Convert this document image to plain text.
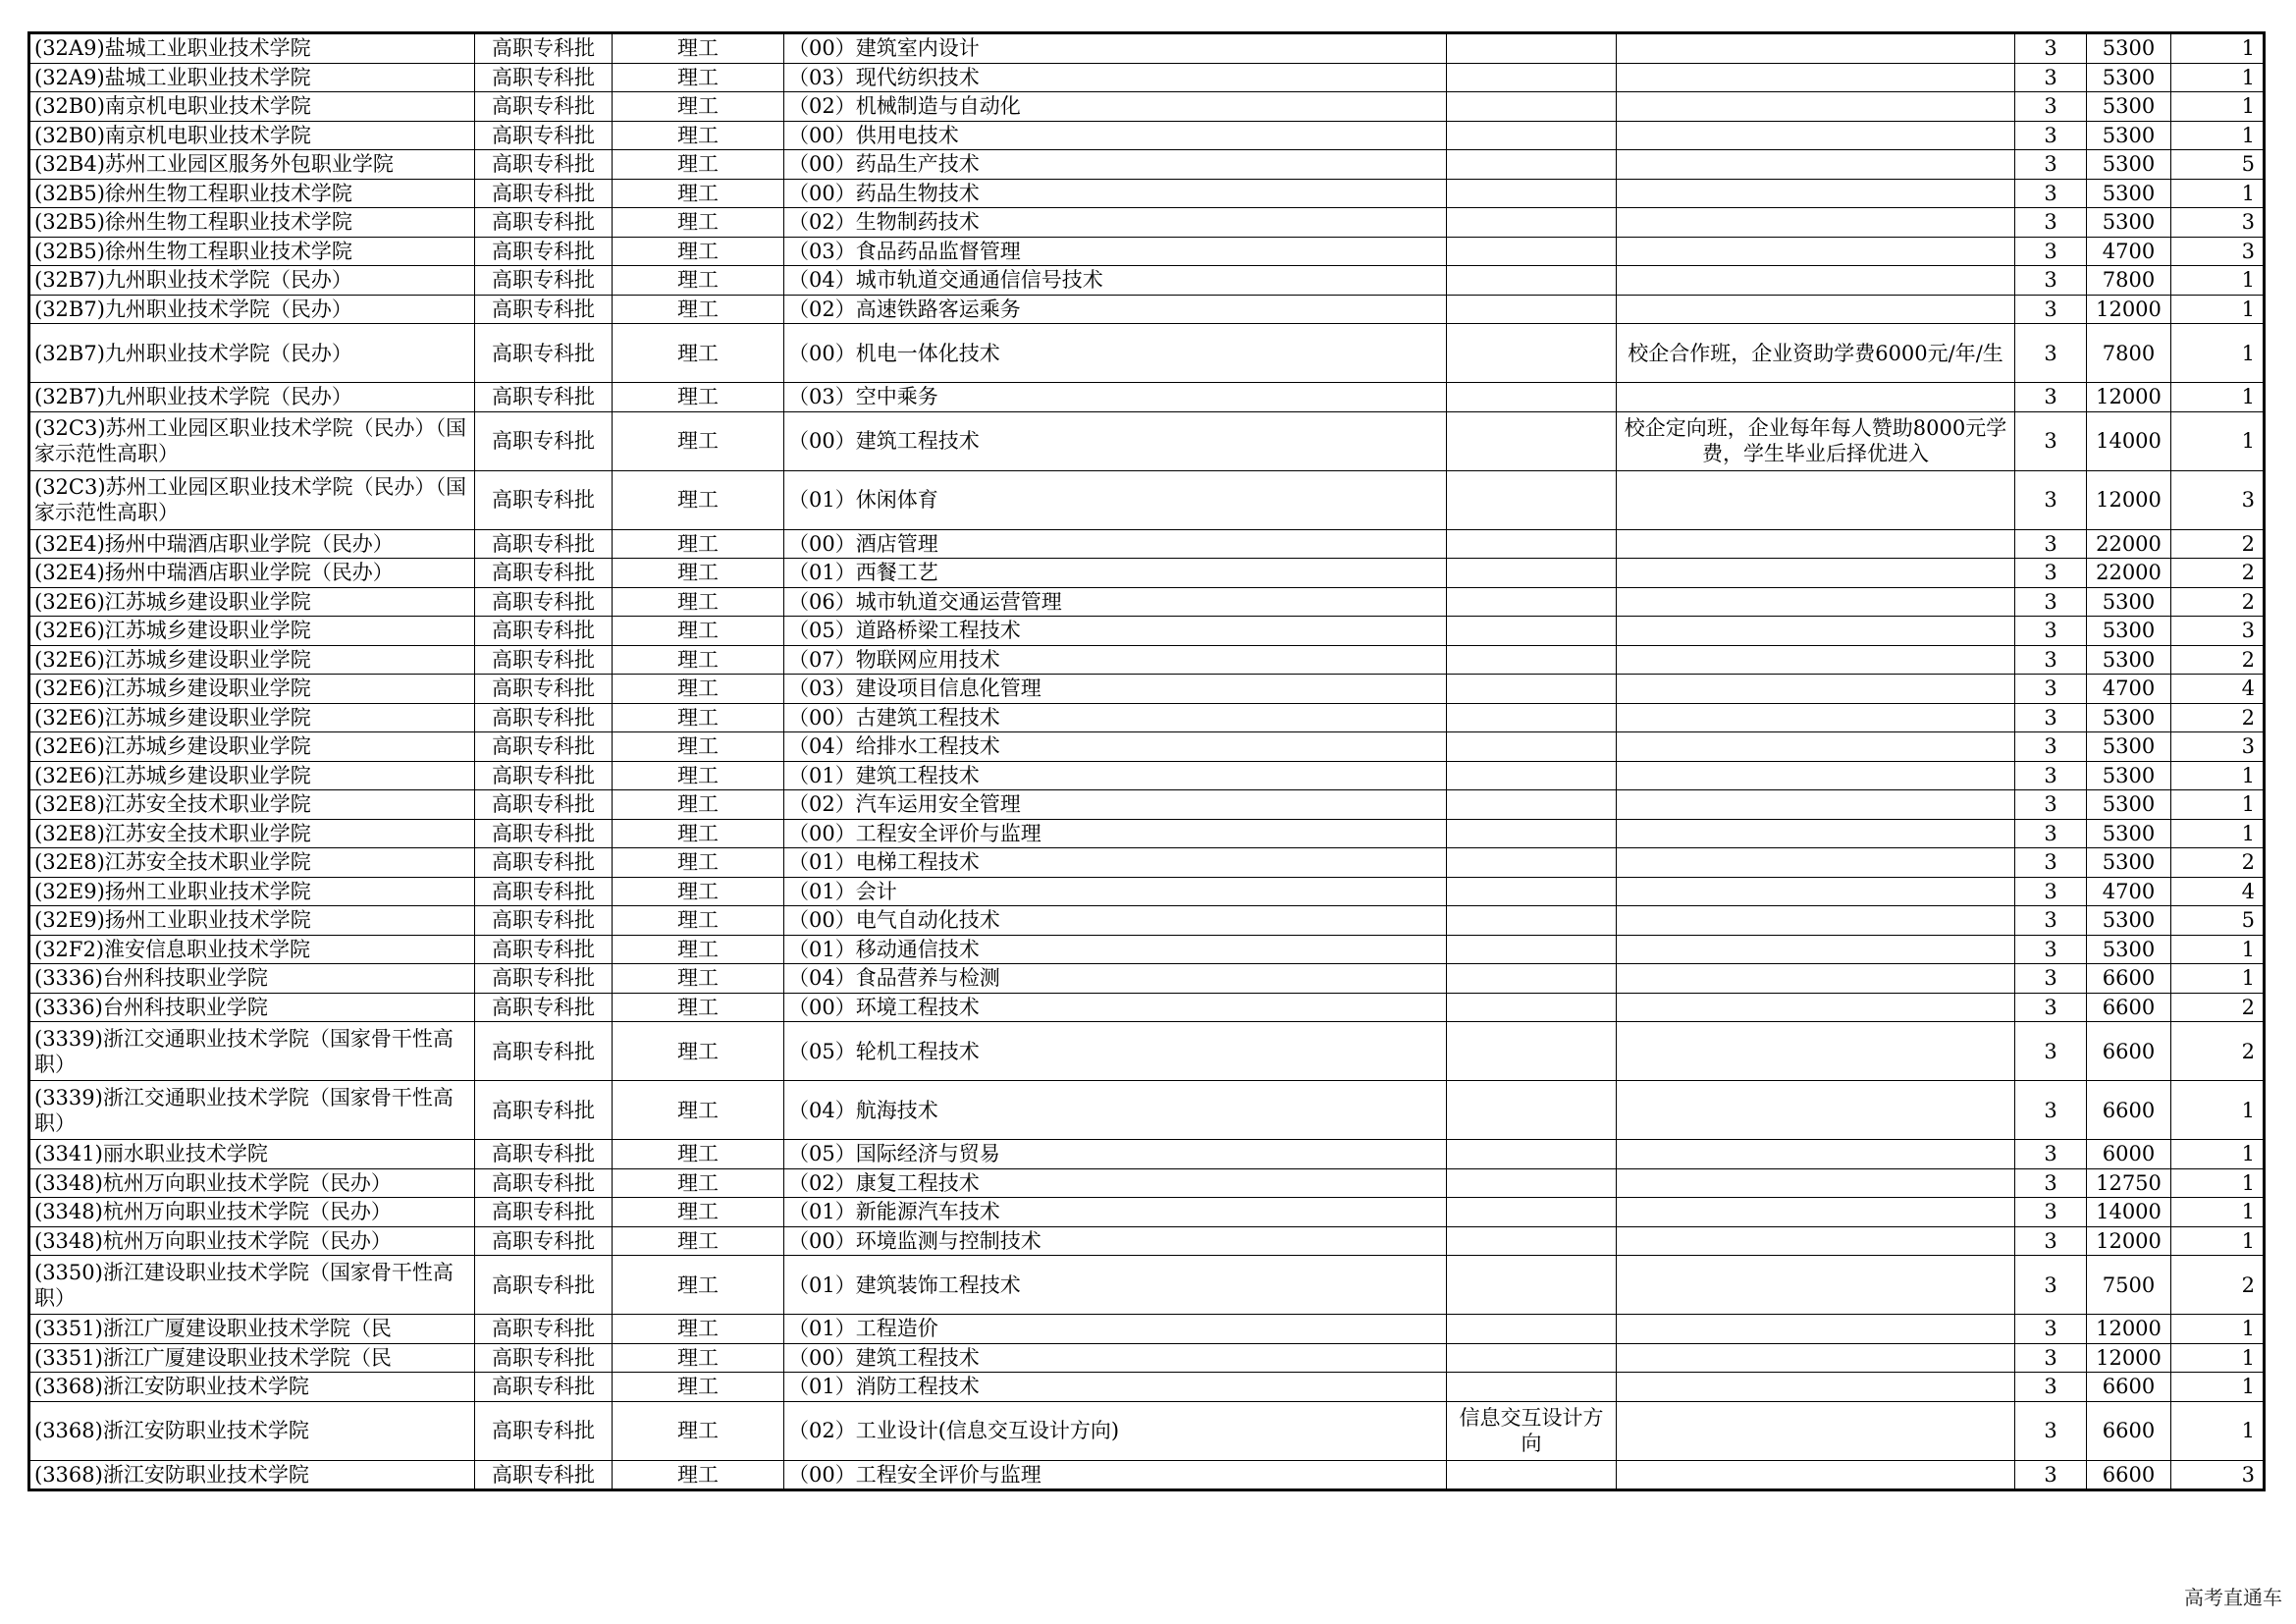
(32A9)盐城工业职业技术学院	高职专科批	理工	（00）建筑室内设计			3	5300	1
(32A9)盐城工业职业技术学院	高职专科批	理工	（03）现代纺织技术			3	5300	1
(32B0)南京机电职业技术学院	高职专科批	理工	（02）机械制造与自动化			3	5300	1
(32B0)南京机电职业技术学院	高职专科批	理工	（00）供用电技术			3	5300	1
(32B4)苏州工业园区服务外包职业学院	高职专科批	理工	（00）药品生产技术			3	5300	5
(32B5)徐州生物工程职业技术学院	高职专科批	理工	（00）药品生物技术			3	5300	1
(32B5)徐州生物工程职业技术学院	高职专科批	理工	（02）生物制药技术			3	5300	3
(32B5)徐州生物工程职业技术学院	高职专科批	理工	（03）食品药品监督管理			3	4700	3
(32B7)九州职业技术学院（民办）	高职专科批	理工	（04）城市轨道交通通信信号技术			3	7800	1
(32B7)九州职业技术学院（民办）	高职专科批	理工	（02）高速铁路客运乘务			3	12000	1
(32B7)九州职业技术学院（民办）	高职专科批	理工	（00）机电一体化技术		校企合作班，企业资助学费6000元/年/生	3	7800	1
(32B7)九州职业技术学院（民办）	高职专科批	理工	（03）空中乘务			3	12000	1
(32C3)苏州工业园区职业技术学院（民办）（国家示范性高职）	高职专科批	理工	（00）建筑工程技术		校企定向班，企业每年每人赞助8000元学费，学生毕业后择优进入	3	14000	1
(32C3)苏州工业园区职业技术学院（民办）（国家示范性高职）	高职专科批	理工	（01）休闲体育			3	12000	3
(32E4)扬州中瑞酒店职业学院（民办）	高职专科批	理工	（00）酒店管理			3	22000	2
(32E4)扬州中瑞酒店职业学院（民办）	高职专科批	理工	（01）西餐工艺			3	22000	2
(32E6)江苏城乡建设职业学院	高职专科批	理工	（06）城市轨道交通运营管理			3	5300	2
(32E6)江苏城乡建设职业学院	高职专科批	理工	（05）道路桥梁工程技术			3	5300	3
(32E6)江苏城乡建设职业学院	高职专科批	理工	（07）物联网应用技术			3	5300	2
(32E6)江苏城乡建设职业学院	高职专科批	理工	（03）建设项目信息化管理			3	4700	4
(32E6)江苏城乡建设职业学院	高职专科批	理工	（00）古建筑工程技术			3	5300	2
(32E6)江苏城乡建设职业学院	高职专科批	理工	（04）给排水工程技术			3	5300	3
(32E6)江苏城乡建设职业学院	高职专科批	理工	（01）建筑工程技术			3	5300	1
(32E8)江苏安全技术职业学院	高职专科批	理工	（02）汽车运用安全管理			3	5300	1
(32E8)江苏安全技术职业学院	高职专科批	理工	（00）工程安全评价与监理			3	5300	1
(32E8)江苏安全技术职业学院	高职专科批	理工	（01）电梯工程技术			3	5300	2
(32E9)扬州工业职业技术学院	高职专科批	理工	（01）会计			3	4700	4
(32E9)扬州工业职业技术学院	高职专科批	理工	（00）电气自动化技术			3	5300	5
(32F2)淮安信息职业技术学院	高职专科批	理工	（01）移动通信技术			3	5300	1
(3336)台州科技职业学院	高职专科批	理工	（04）食品营养与检测			3	6600	1
(3336)台州科技职业学院	高职专科批	理工	（00）环境工程技术			3	6600	2
(3339)浙江交通职业技术学院（国家骨干性高职）	高职专科批	理工	（05）轮机工程技术			3	6600	2
(3339)浙江交通职业技术学院（国家骨干性高职）	高职专科批	理工	（04）航海技术			3	6600	1
(3341)丽水职业技术学院	高职专科批	理工	（05）国际经济与贸易			3	6000	1
(3348)杭州万向职业技术学院（民办）	高职专科批	理工	（02）康复工程技术			3	12750	1
(3348)杭州万向职业技术学院（民办）	高职专科批	理工	（01）新能源汽车技术			3	14000	1
(3348)杭州万向职业技术学院（民办）	高职专科批	理工	（00）环境监测与控制技术			3	12000	1
(3350)浙江建设职业技术学院（国家骨干性高职）	高职专科批	理工	（01）建筑装饰工程技术			3	7500	2
(3351)浙江广厦建设职业技术学院（民	高职专科批	理工	（01）工程造价			3	12000	1
(3351)浙江广厦建设职业技术学院（民	高职专科批	理工	（00）建筑工程技术			3	12000	1
(3368)浙江安防职业技术学院	高职专科批	理工	（01）消防工程技术			3	6600	1
(3368)浙江安防职业技术学院	高职专科批	理工	（02）工业设计(信息交互设计方向)	信息交互设计方向		3	6600	1
(3368)浙江安防职业技术学院	高职专科批	理工	（00）工程安全评价与监理			3	6600	3
高考直通车
